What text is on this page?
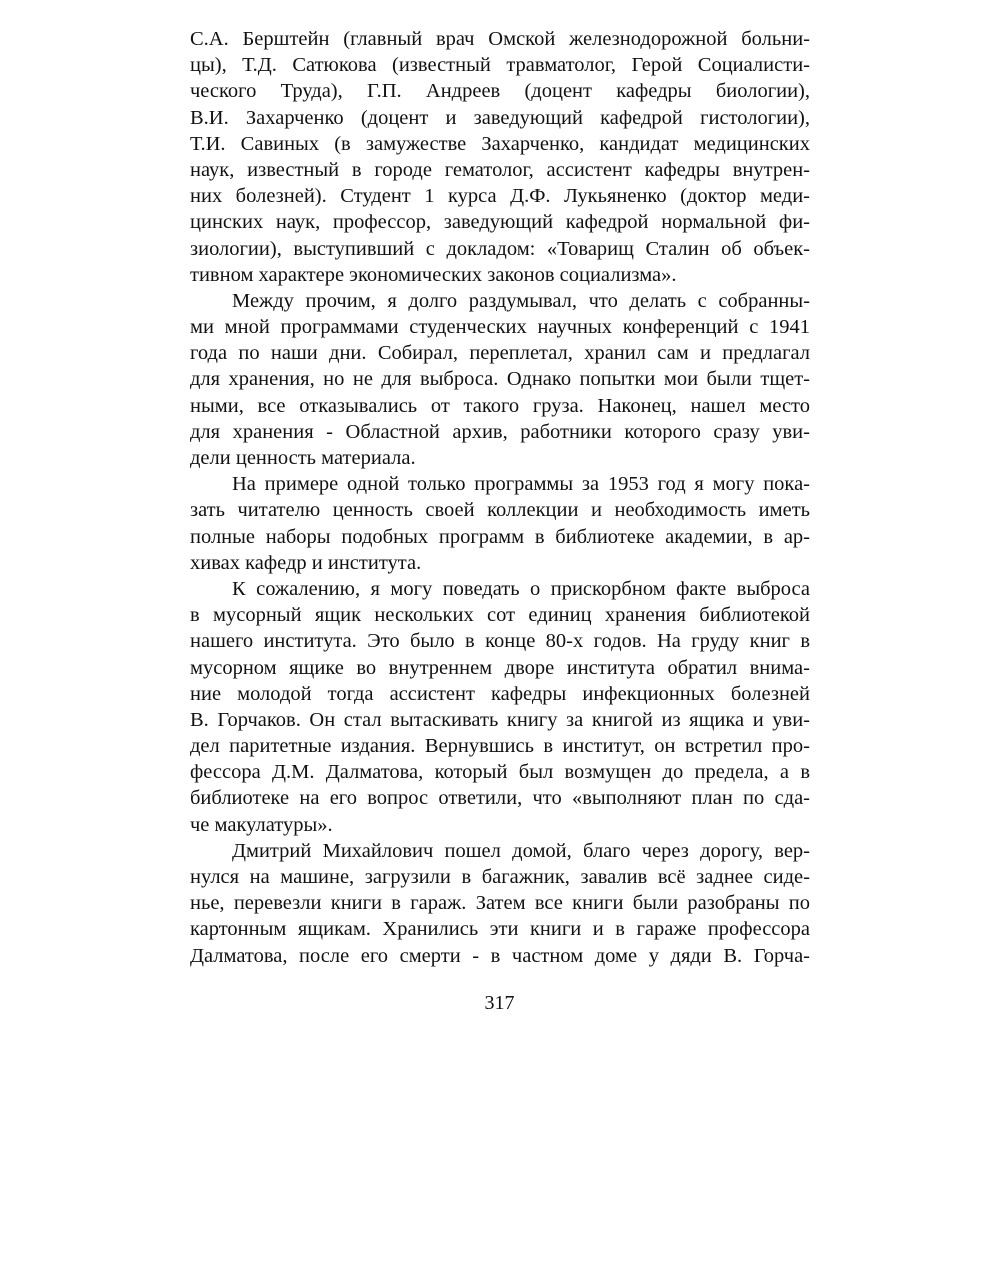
С.А. Берштейн (главный врач Омской железнодорожной больни-
цы), Т.Д. Сатюкова (известный травматолог, Герой Социалисти-
ческого Труда), Г.П. Андреев (доцент кафедры биологии),
В.И. Захарченко (доцент и заведующий кафедрой гистологии),
Т.И. Савиных (в замужестве Захарченко, кандидат медицинских
наук, известный в городе гематолог, ассистент кафедры внутрен-
них болезней). Студент 1 курса Д.Ф. Лукьяненко (доктор меди-
цинских наук, профессор, заведующий кафедрой нормальной фи-
зиологии), выступивший с докладом: «Товарищ Сталин об объек-
тивном характере экономических законов социализма».
Между прочим, я долго раздумывал, что делать с собранны-
ми мной программами студенческих научных конференций с 1941
года по наши дни. Собирал, переплетал, хранил сам и предлагал
для хранения, но не для выброса. Однако попытки мои были тщет-
ными, все отказывались от такого груза. Наконец, нашел место
для хранения - Областной архив, работники которого сразу уви-
дели ценность материала.
На примере одной только программы за 1953 год я могу пока-
зать читателю ценность своей коллекции и необходимость иметь
полные наборы подобных программ в библиотеке академии, в ар-
хивах кафедр и института.
К сожалению, я могу поведать о прискорбном факте выброса
в мусорный ящик нескольких сот единиц хранения библиотекой
нашего института. Это было в конце 80-х годов. На груду книг в
мусорном ящике во внутреннем дворе института обратил внима-
ние молодой тогда ассистент кафедры инфекционных болезней
В. Горчаков. Он стал вытаскивать книгу за книгой из ящика и уви-
дел паритетные издания. Вернувшись в институт, он встретил про-
фессора Д.М. Далматова, который был возмущен до предела, а в
библиотеке на его вопрос ответили, что «выполняют план по сда-
че макулатуры».
Дмитрий Михайлович пошел домой, благо через дорогу, вер-
нулся на машине, загрузили в багажник, завалив всё заднее сиде-
нье, перевезли книги в гараж. Затем все книги были разобраны по
картонным ящикам. Хранились эти книги и в гараже профессора
Далматова, после его смерти - в частном доме у дяди В. Горча-
317
